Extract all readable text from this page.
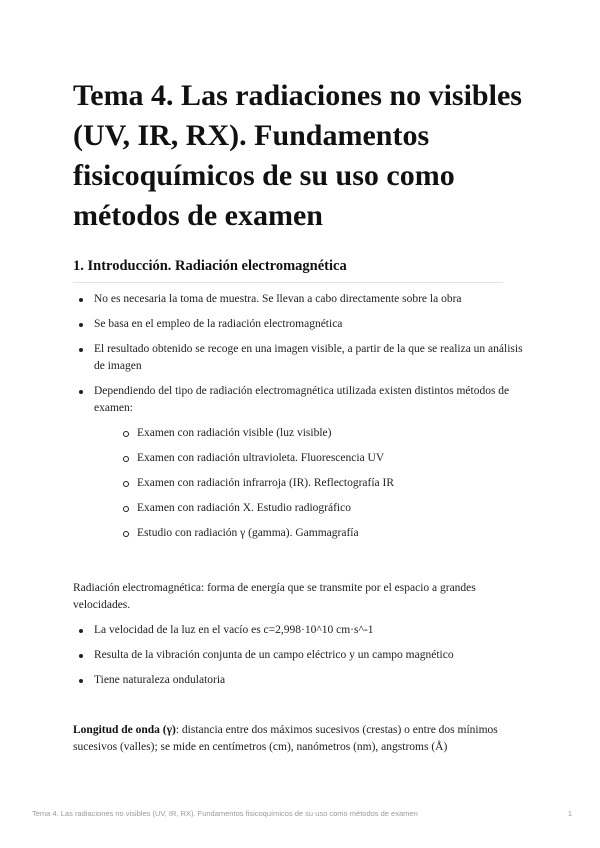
Tema 4. Las radiaciones no visibles (UV, IR, RX). Fundamentos fisicoquímicos de su uso como métodos de examen
1. Introducción. Radiación electromagnética
No es necesaria la toma de muestra. Se llevan a cabo directamente sobre la obra
Se basa en el empleo de la radiación electromagnética
El resultado obtenido se recoge en una imagen visible, a partir de la que se realiza un análisis de imagen
Dependiendo del tipo de radiación electromagnética utilizada existen distintos métodos de examen:
Examen con radiación visible (luz visible)
Examen con radiación ultravioleta. Fluorescencia UV
Examen con radiación infrarroja (IR). Reflectografía IR
Examen con radiación X. Estudio radiográfico
Estudio con radiación γ (gamma). Gammagrafía

Radiación electromagnética: forma de energía que se transmite por el espacio a grandes velocidades.

La velocidad de la luz en el vacío es c=2,998·10^10 cm·s^-1
Resulta de la vibración conjunta de un campo eléctrico y un campo magnético
Tiene naturaleza ondulatoria

Longitud de onda (γ): distancia entre dos máximos sucesivos (crestas) o entre dos mínimos sucesivos (valles); se mide en centímetros (cm), nanómetros (nm), angstroms (Å)

Tema 4. Las radiaciones no visibles (UV, IR, RX). Fundamentos fisicoquímicos de su uso como métodos de examen	1
